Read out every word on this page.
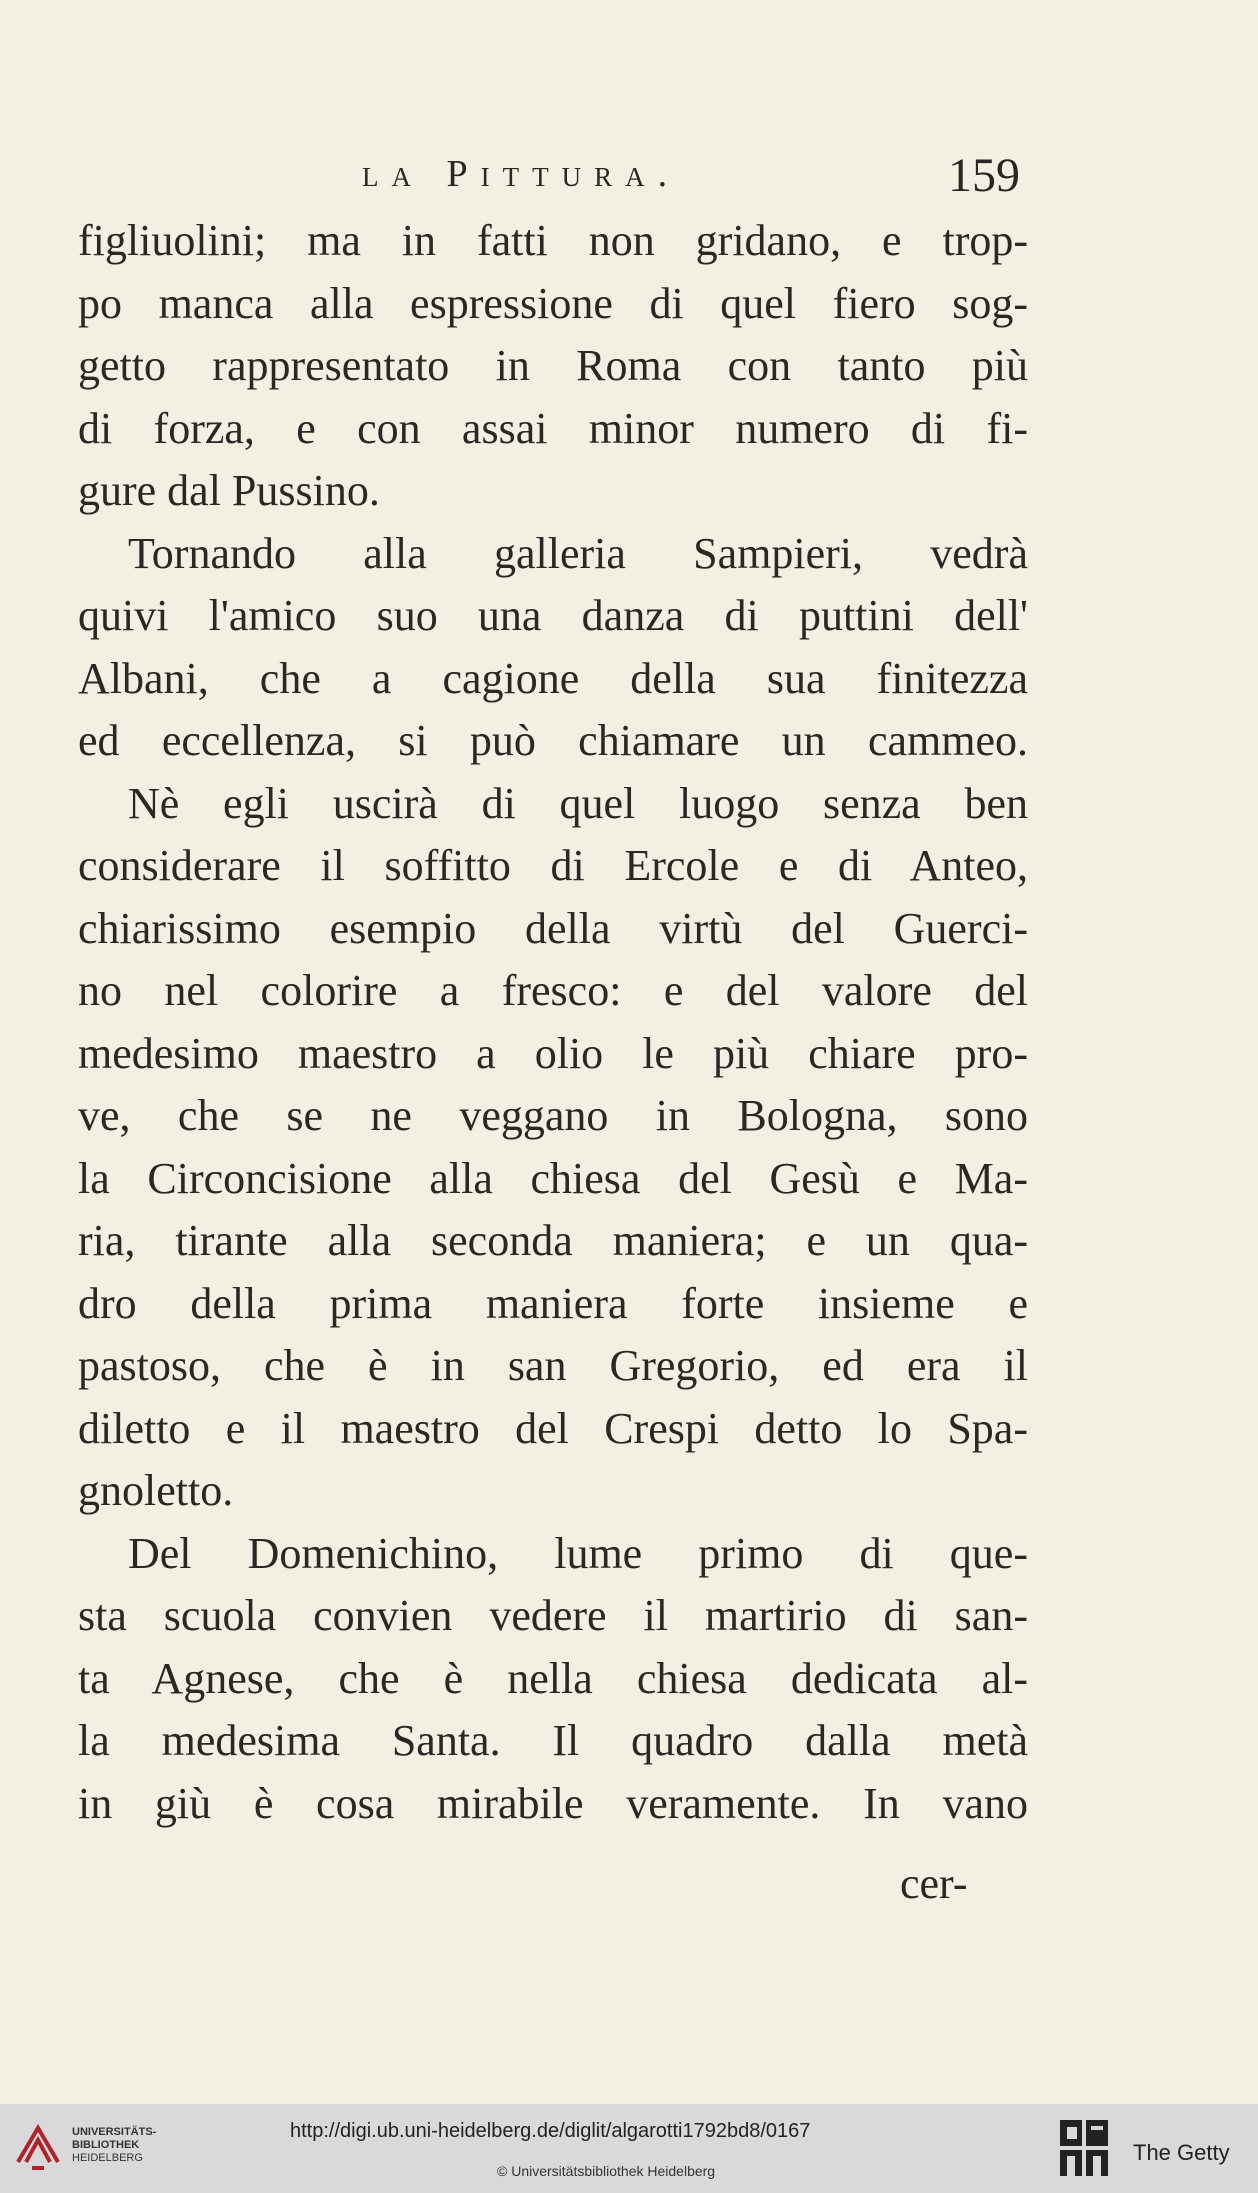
la Pittura.	159
figliuolini; ma in fatti non gridano, e trop-
po manca alla espressione di quel fiero sog-
getto rappresentato in Roma con tanto più
di forza, e con assai minor numero di fi-
gure dal Pussino.
Tornando alla galleria Sampieri, vedrà
quivi l'amico suo una danza di puttini dell'
Albani, che a cagione della sua finitezza
ed eccellenza, si può chiamare un cammeo.
Nè egli uscirà di quel luogo senza ben
considerare il soffitto di Ercole e di Anteo,
chiarissimo esempio della virtù del Guerci-
no nel colorire a fresco: e del valore del
medesimo maestro a olio le più chiare pro-
ve, che se ne veggano in Bologna, sono
la Circoncisione alla chiesa del Gesù e Ma-
ria, tirante alla seconda maniera; e un qua-
dro della prima maniera forte insieme e
pastoso, che è in san Gregorio, ed era il
diletto e il maestro del Crespi detto lo Spa-
gnoletto.
Del Domenichino, lume primo di que-
sta scuola convien vedere il martirio di san-
ta Agnese, che è nella chiesa dedicata al-
la medesima Santa. Il quadro dalla metà
in giù è cosa mirabile veramente. In vano
cer-
UNIVERSITÄTS-
BIBLIOTHEK
HEIDELBERG
http://digi.ub.uni-heidelberg.de/diglit/algarotti1792bd8/0167
© Universitätsbibliothek Heidelberg
The Getty
